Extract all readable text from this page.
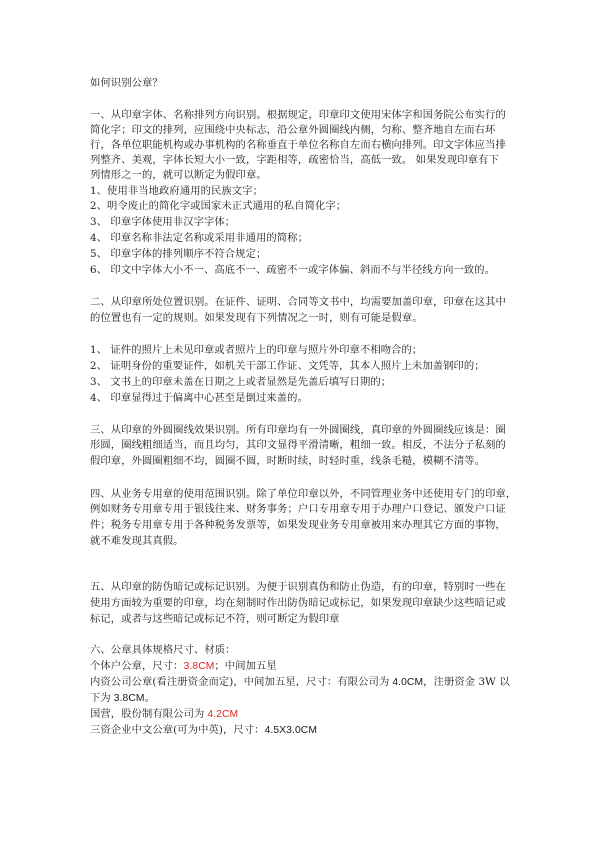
如何识别公章？
一、从印章字体、名称排列方向识别。根据规定，印章印文使用宋体字和国务院公布实行的
简化字；印文的排列，应围绕中央标志，沿公章外圆圈线内侧，匀称、整齐地自左而右环
行，各单位职能机构或办事机构的名称垂直于单位名称自左而右横向排列。印文字体应当排
列整齐、美观，字体长短大小一致，字距相等，疏密恰当，高低一致。 如果发现印章有下
列情形之一的，就可以断定为假印章。
1、使用非当地政府通用的民族文字；
2、明令废止的简化字或国家未正式通用的私自简化字；
3、 印章字体使用非汉字字体；
4、 印章名称非法定名称或采用非通用的简称；
5、 印章字体的排列顺序不符合规定；
6、 印文中字体大小不一、高底不一、疏密不一或字体偏、斜而不与半径线方向一致的。
二、从印章所处位置识别。在证件、证明、合同等文书中，均需要加盖印章，印章在这其中
的位置也有一定的规则。如果发现有下列情况之一时，则有可能是假章。
1、 证件的照片上未见印章或者照片上的印章与照片外印章不相吻合的；
2、 证明身份的重要证件，如机关干部工作证、文凭等，其本人照片上未加盖钢印的；
3、 文书上的印章未盖在日期之上或者显然是先盖后填写日期的；
4、 印章显得过于偏离中心甚至是倒过来盖的。
三、从印章的外圆圈线效果识别。所有印章均有一外圆圈线，真印章的外圆圈线应该是：圈
形圆，圈线粗细适当，而且均匀，其印文显得平滑清晰，粗细一致。相反，不法分子私刻的
假印章，外圆圈粗细不均，圆圈不圆，时断时续，时轻时重，线条毛糙，模糊不清等。
四、从业务专用章的使用范围识别。除了单位印章以外，不同管理业务中还使用专门的印章，
例如财务专用章专用于银钱往来、财务事务；户口专用章专用于办理户口登记、颁发户口证
件；税务专用章专用于各种税务发票等，如果发现业务专用章被用来办理其它方面的事物，
就不难发现其真假。
五、从印章的防伪暗记或标记识别。为便于识别真伪和防止伪造，有的印章，特别时一些在
使用方面较为重要的印章，均在刻制时作出防伪暗记或标记，如果发现印章缺少这些暗记或
标记，或者与这些暗记或标记不符，则可断定为假印章
六、公章具体规格尺寸、材质：
个体户公章，尺寸：3.8CM；中间加五星
内资公司公章(看注册资金而定)，中间加五星，尺寸：有限公司为 4.0CM，注册资金 3W 以
下为 3.8CM。
国营，股份制有限公司为 4.2CM
三资企业中文公章(可为中英)，尺寸：4.5X3.0CM
